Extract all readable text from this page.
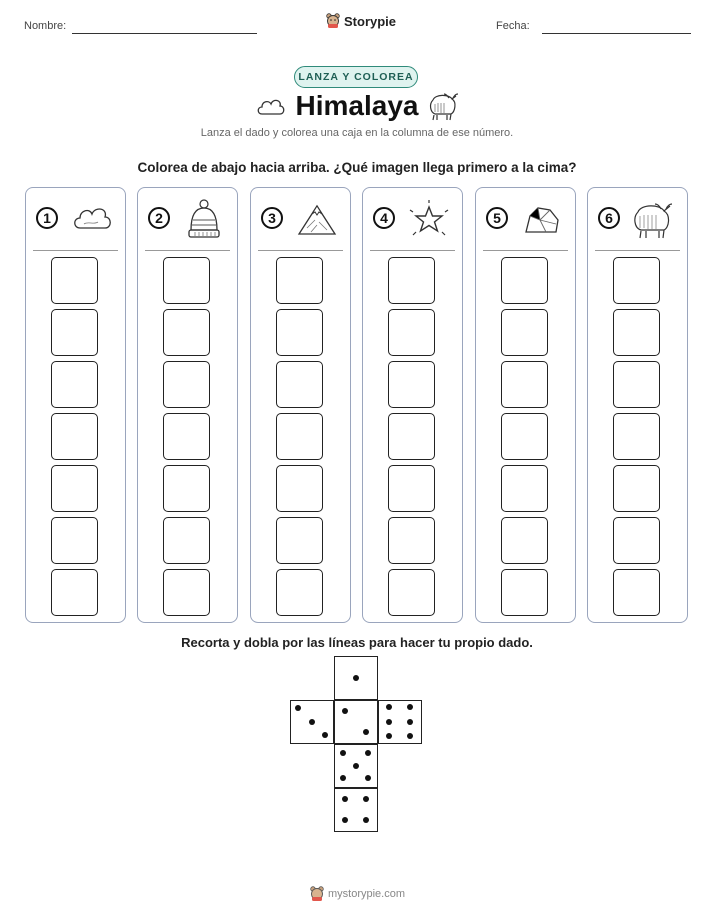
Nombre:	Storypie	Fecha:
LANZA Y COLOREA
Himalaya
Lanza el dado y colorea una caja en la columna de ese número.
Colorea de abajo hacia arriba. ¿Qué imagen llega primero a la cima?
1	2	3	4	5	6
Recorta y dobla por las líneas para hacer tu propio dado.
mystorypie.com
